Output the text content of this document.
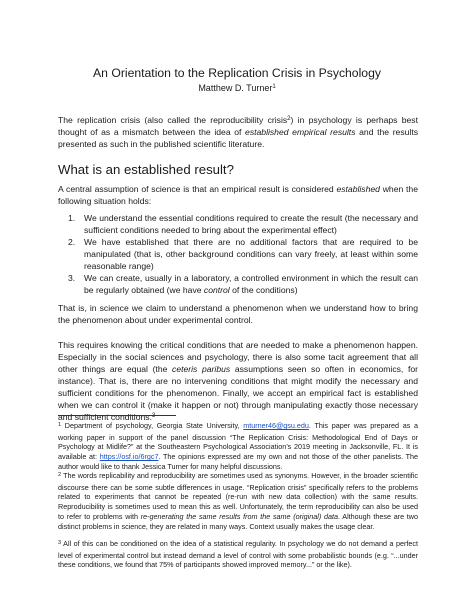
An Orientation to the Replication Crisis in Psychology
Matthew D. Turner$^1$

The replication crisis (also called the reproducibility crisis$^2$) in psychology is perhaps best thought of as a mismatch between the idea of established empirical results and the results presented as such in the published scientific literature.

What is an established result?

A central assumption of science is that an empirical result is considered established when the following situation holds:

1. We understand the essential conditions required to create the result (the necessary and sufficient conditions needed to bring about the experimental effect)
2. We have established that there are no additional factors that are required to be manipulated (that is, other background conditions can vary freely, at least within some reasonable range)
3. We can create, usually in a laboratory, a controlled environment in which the result can be regularly obtained (we have control of the conditions)

That is, in science we claim to understand a phenomenon when we understand how to bring the phenomenon about under experimental control.

This requires knowing the critical conditions that are needed to make a phenomenon happen. Especially in the social sciences and psychology, there is also some tacit agreement that all other things are equal (the ceteris paribus assumptions seen so often in economics, for instance). That is, there are no intervening conditions that might modify the necessary and sufficient conditions for the phenomenon. Finally, we accept an empirical fact is established when we can control it (make it happen or not) through manipulating exactly those necessary and sufficient conditions.$^3$

$^1$ Department of psychology, Georgia State University, mturner46@gsu.edu. This paper was prepared as a working paper in support of the panel discussion “The Replication Crisis: Methodological End of Days or Psychology at Midlife?” at the Southeastern Psychological Association’s 2019 meeting in Jacksonville, FL. It is available at: https://osf.io/6rgc7. The opinions expressed are my own and not those of the other panelists. The author would like to thank Jessica Turner for many helpful discussions.
$^2$ The words replicability and reproducibility are sometimes used as synonyms. However, in the broader scientific discourse there can be some subtle differences in usage. “Replication crisis” specifically refers to the problems related to experiments that cannot be repeated (re-run with new data collection) with the same results. Reproducibility is sometimes used to mean this as well. Unfortunately, the term reproducibility can also be used to refer to problems with re-generating the same results from the same (original) data. Although these are two distinct problems in science, they are related in many ways. Context usually makes the usage clear.
$^3$ All of this can be conditioned on the idea of a statistical regularity. In psychology we do not demand a perfect level of experimental control but instead demand a level of control with some probabilistic bounds (e.g. “...under these conditions, we found that 75% of participants showed improved memory...” or the like).
